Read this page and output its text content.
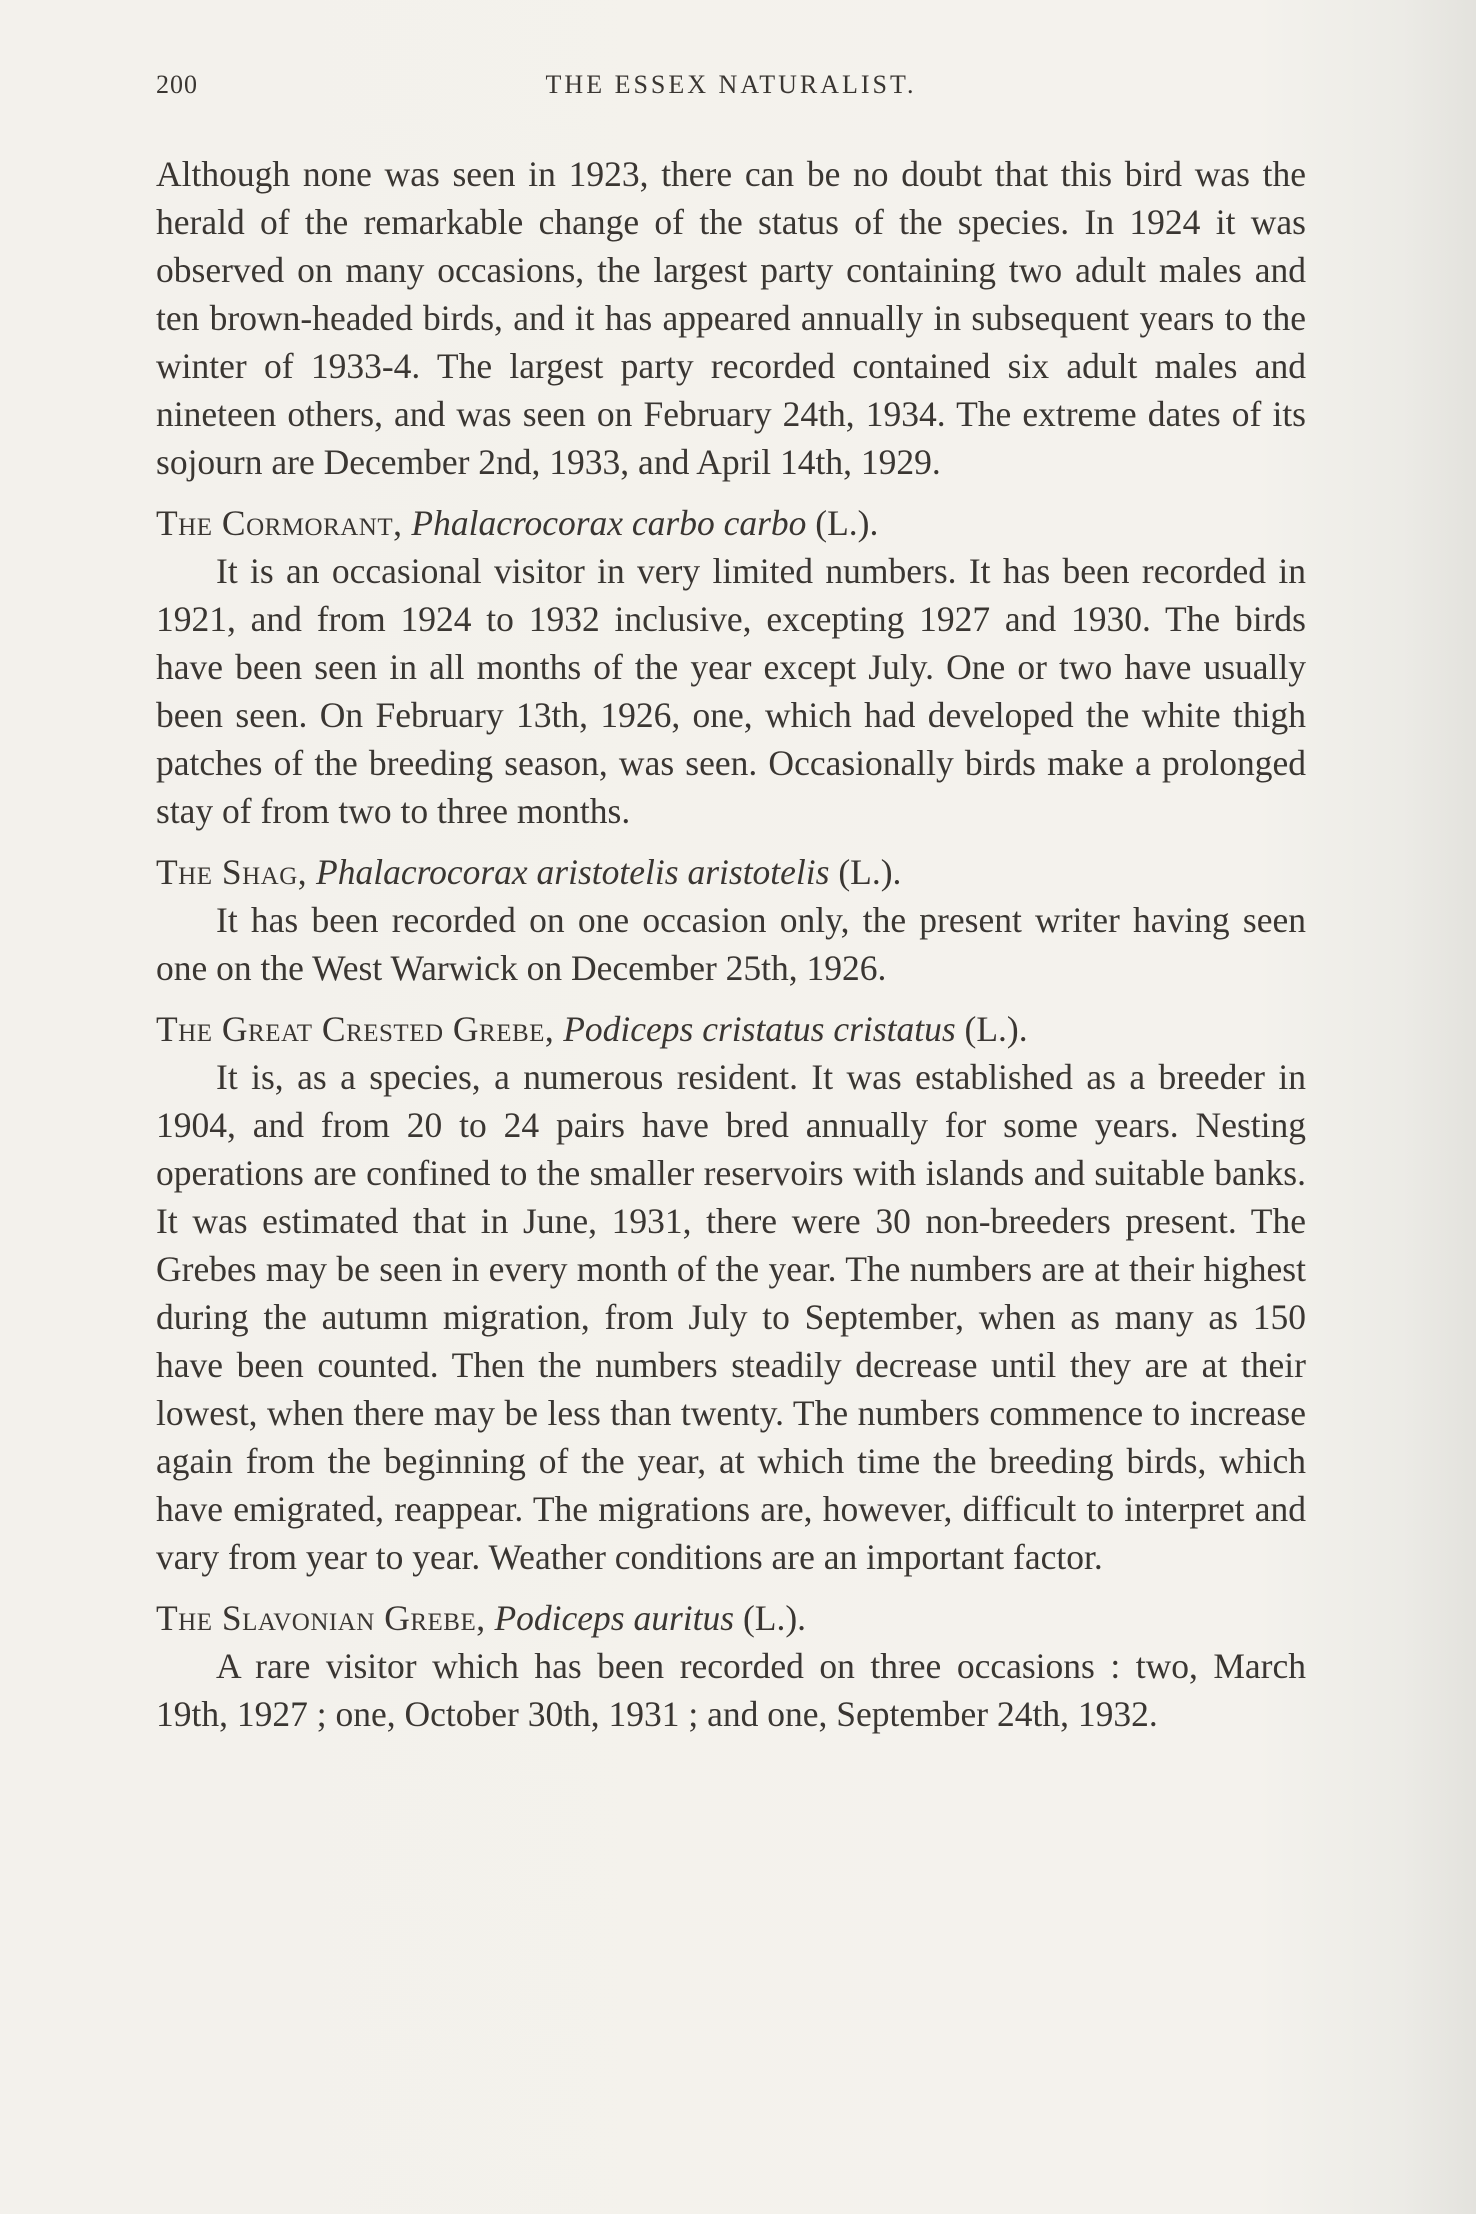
200	THE ESSEX NATURALIST.

Although none was seen in 1923, there can be no doubt that this bird was the herald of the remarkable change of the status of the species. In 1924 it was observed on many occasions, the largest party containing two adult males and ten brown-headed birds, and it has appeared annually in subsequent years to the winter of 1933-4. The largest party recorded contained six adult males and nineteen others, and was seen on February 24th, 1934. The extreme dates of its sojourn are December 2nd, 1933, and April 14th, 1929.

The Cormorant, Phalacrocorax carbo carbo (L.).

It is an occasional visitor in very limited numbers. It has been recorded in 1921, and from 1924 to 1932 inclusive, excepting 1927 and 1930. The birds have been seen in all months of the year except July. One or two have usually been seen. On February 13th, 1926, one, which had developed the white thigh patches of the breeding season, was seen. Occasionally birds make a prolonged stay of from two to three months.

The Shag, Phalacrocorax aristotelis aristotelis (L.).

It has been recorded on one occasion only, the present writer having seen one on the West Warwick on December 25th, 1926.

The Great Crested Grebe, Podiceps cristatus cristatus (L.).

It is, as a species, a numerous resident. It was established as a breeder in 1904, and from 20 to 24 pairs have bred annually for some years. Nesting operations are confined to the smaller reservoirs with islands and suitable banks. It was estimated that in June, 1931, there were 30 non-breeders present. The Grebes may be seen in every month of the year. The numbers are at their highest during the autumn migration, from July to September, when as many as 150 have been counted. Then the numbers steadily decrease until they are at their lowest, when there may be less than twenty. The numbers commence to increase again from the beginning of the year, at which time the breeding birds, which have emigrated, reappear. The migrations are, however, difficult to interpret and vary from year to year. Weather conditions are an important factor.

The Slavonian Grebe, Podiceps auritus (L.).

A rare visitor which has been recorded on three occasions : two, March 19th, 1927 ; one, October 30th, 1931 ; and one, September 24th, 1932.
